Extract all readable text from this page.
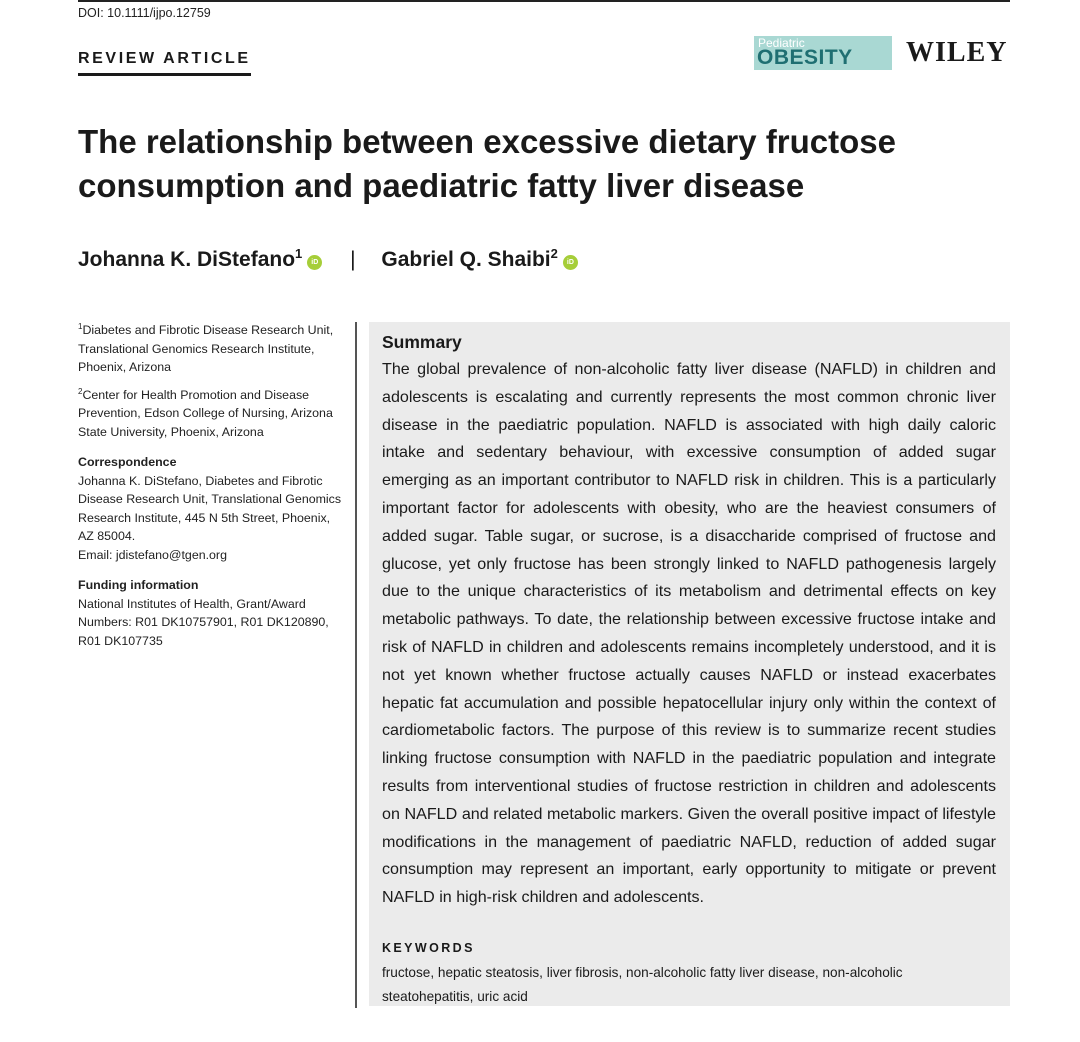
DOI: 10.1111/ijpo.12759
REVIEW ARTICLE
Pediatric
OBESITY WILEY
The relationship between excessive dietary fructose consumption and paediatric fatty liver disease
Johanna K. DiStefano$^1$iD | Gabriel Q. Shaibi$^2$iD

$^1$Diabetes and Fibrotic Disease Research Unit, Translational Genomics Research Institute, Phoenix, Arizona

$^2$Center for Health Promotion and Disease Prevention, Edson College of Nursing, Arizona State University, Phoenix, Arizona

Correspondence
Johanna K. DiStefano, Diabetes and Fibrotic Disease Research Unit, Translational Genomics Research Institute, 445 N 5th Street, Phoenix, AZ 85004.
Email: jdistefano@tgen.org
Funding information
National Institutes of Health, Grant/Award Numbers: R01 DK10757901, R01 DK120890, R01 DK107735
Summary

The global prevalence of non-alcoholic fatty liver disease (NAFLD) in children and adolescents is escalating and currently represents the most common chronic liver disease in the paediatric population. NAFLD is associated with high daily caloric intake and sedentary behaviour, with excessive consumption of added sugar emerging as an important contributor to NAFLD risk in children. This is a particularly important factor for adolescents with obesity, who are the heaviest consumers of added sugar. Table sugar, or sucrose, is a disaccharide comprised of fructose and glucose, yet only fructose has been strongly linked to NAFLD pathogenesis largely due to the unique characteristics of its metabolism and detrimental effects on key metabolic pathways. To date, the relationship between excessive fructose intake and risk of NAFLD in children and adolescents remains incompletely understood, and it is not yet known whether fructose actually causes NAFLD or instead exacerbates hepatic fat accumulation and possible hepatocellular injury only within the context of cardiometabolic factors. The purpose of this review is to summarize recent studies linking fructose consumption with NAFLD in the paediatric population and integrate results from interventional studies of fructose restriction in children and adolescents on NAFLD and related metabolic markers. Given the overall positive impact of lifestyle modifications in the management of paediatric NAFLD, reduction of added sugar consumption may represent an important, early opportunity to mitigate or prevent NAFLD in high-risk children and adolescents.

KEYWORDS
fructose, hepatic steatosis, liver fibrosis, non-alcoholic fatty liver disease, non-alcoholic steatohepatitis, uric acid
